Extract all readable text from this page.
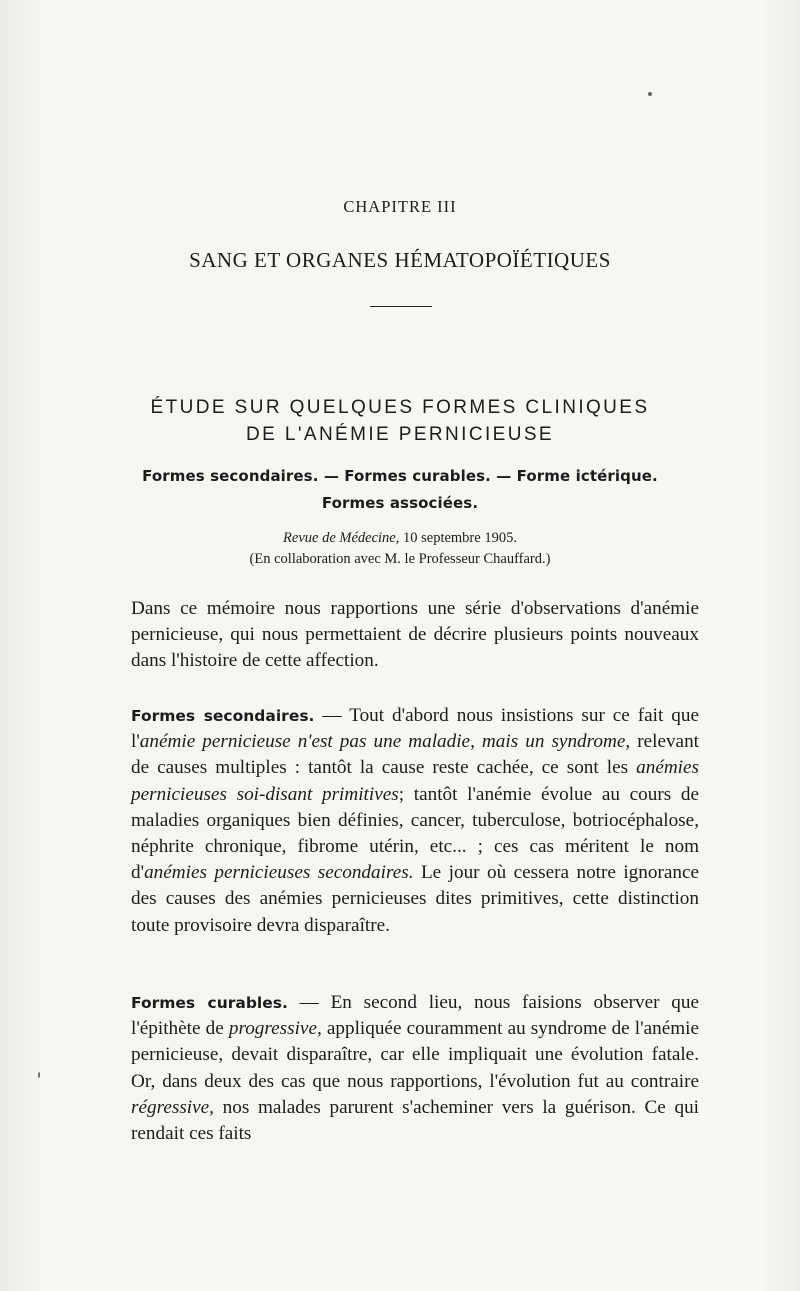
CHAPITRE III
SANG ET ORGANES HÉMATOPOÏÉTIQUES
ÉTUDE SUR QUELQUES FORMES CLINIQUES
DE L'ANÉMIE PERNICIEUSE
Formes secondaires. — Formes curables. — Forme ictérique.
Formes associées.
Revue de Médecine, 10 septembre 1905.
(En collaboration avec M. le Professeur Chauffard.)

Dans ce mémoire nous rapportions une série d'observations d'anémie pernicieuse, qui nous permettaient de décrire plusieurs points nouveaux dans l'histoire de cette affection.

Formes secondaires. — Tout d'abord nous insistions sur ce fait que l'anémie pernicieuse n'est pas une maladie, mais un syndrome, relevant de causes multiples : tantôt la cause reste cachée, ce sont les anémies pernicieuses soi-disant primitives; tantôt l'anémie évolue au cours de maladies organiques bien définies, cancer, tuberculose, botriocéphalose, néphrite chronique, fibrome utérin, etc... ; ces cas méritent le nom d'anémies pernicieuses secondaires. Le jour où cessera notre ignorance des causes des anémies pernicieuses dites primitives, cette distinction toute provisoire devra disparaître.

Formes curables. — En second lieu, nous faisions observer que l'épithète de progressive, appliquée couramment au syndrome de l'anémie pernicieuse, devait disparaître, car elle impliquait une évolution fatale. Or, dans deux des cas que nous rapportions, l'évolution fut au contraire régressive, nos malades parurent s'acheminer vers la guérison. Ce qui rendait ces faits
